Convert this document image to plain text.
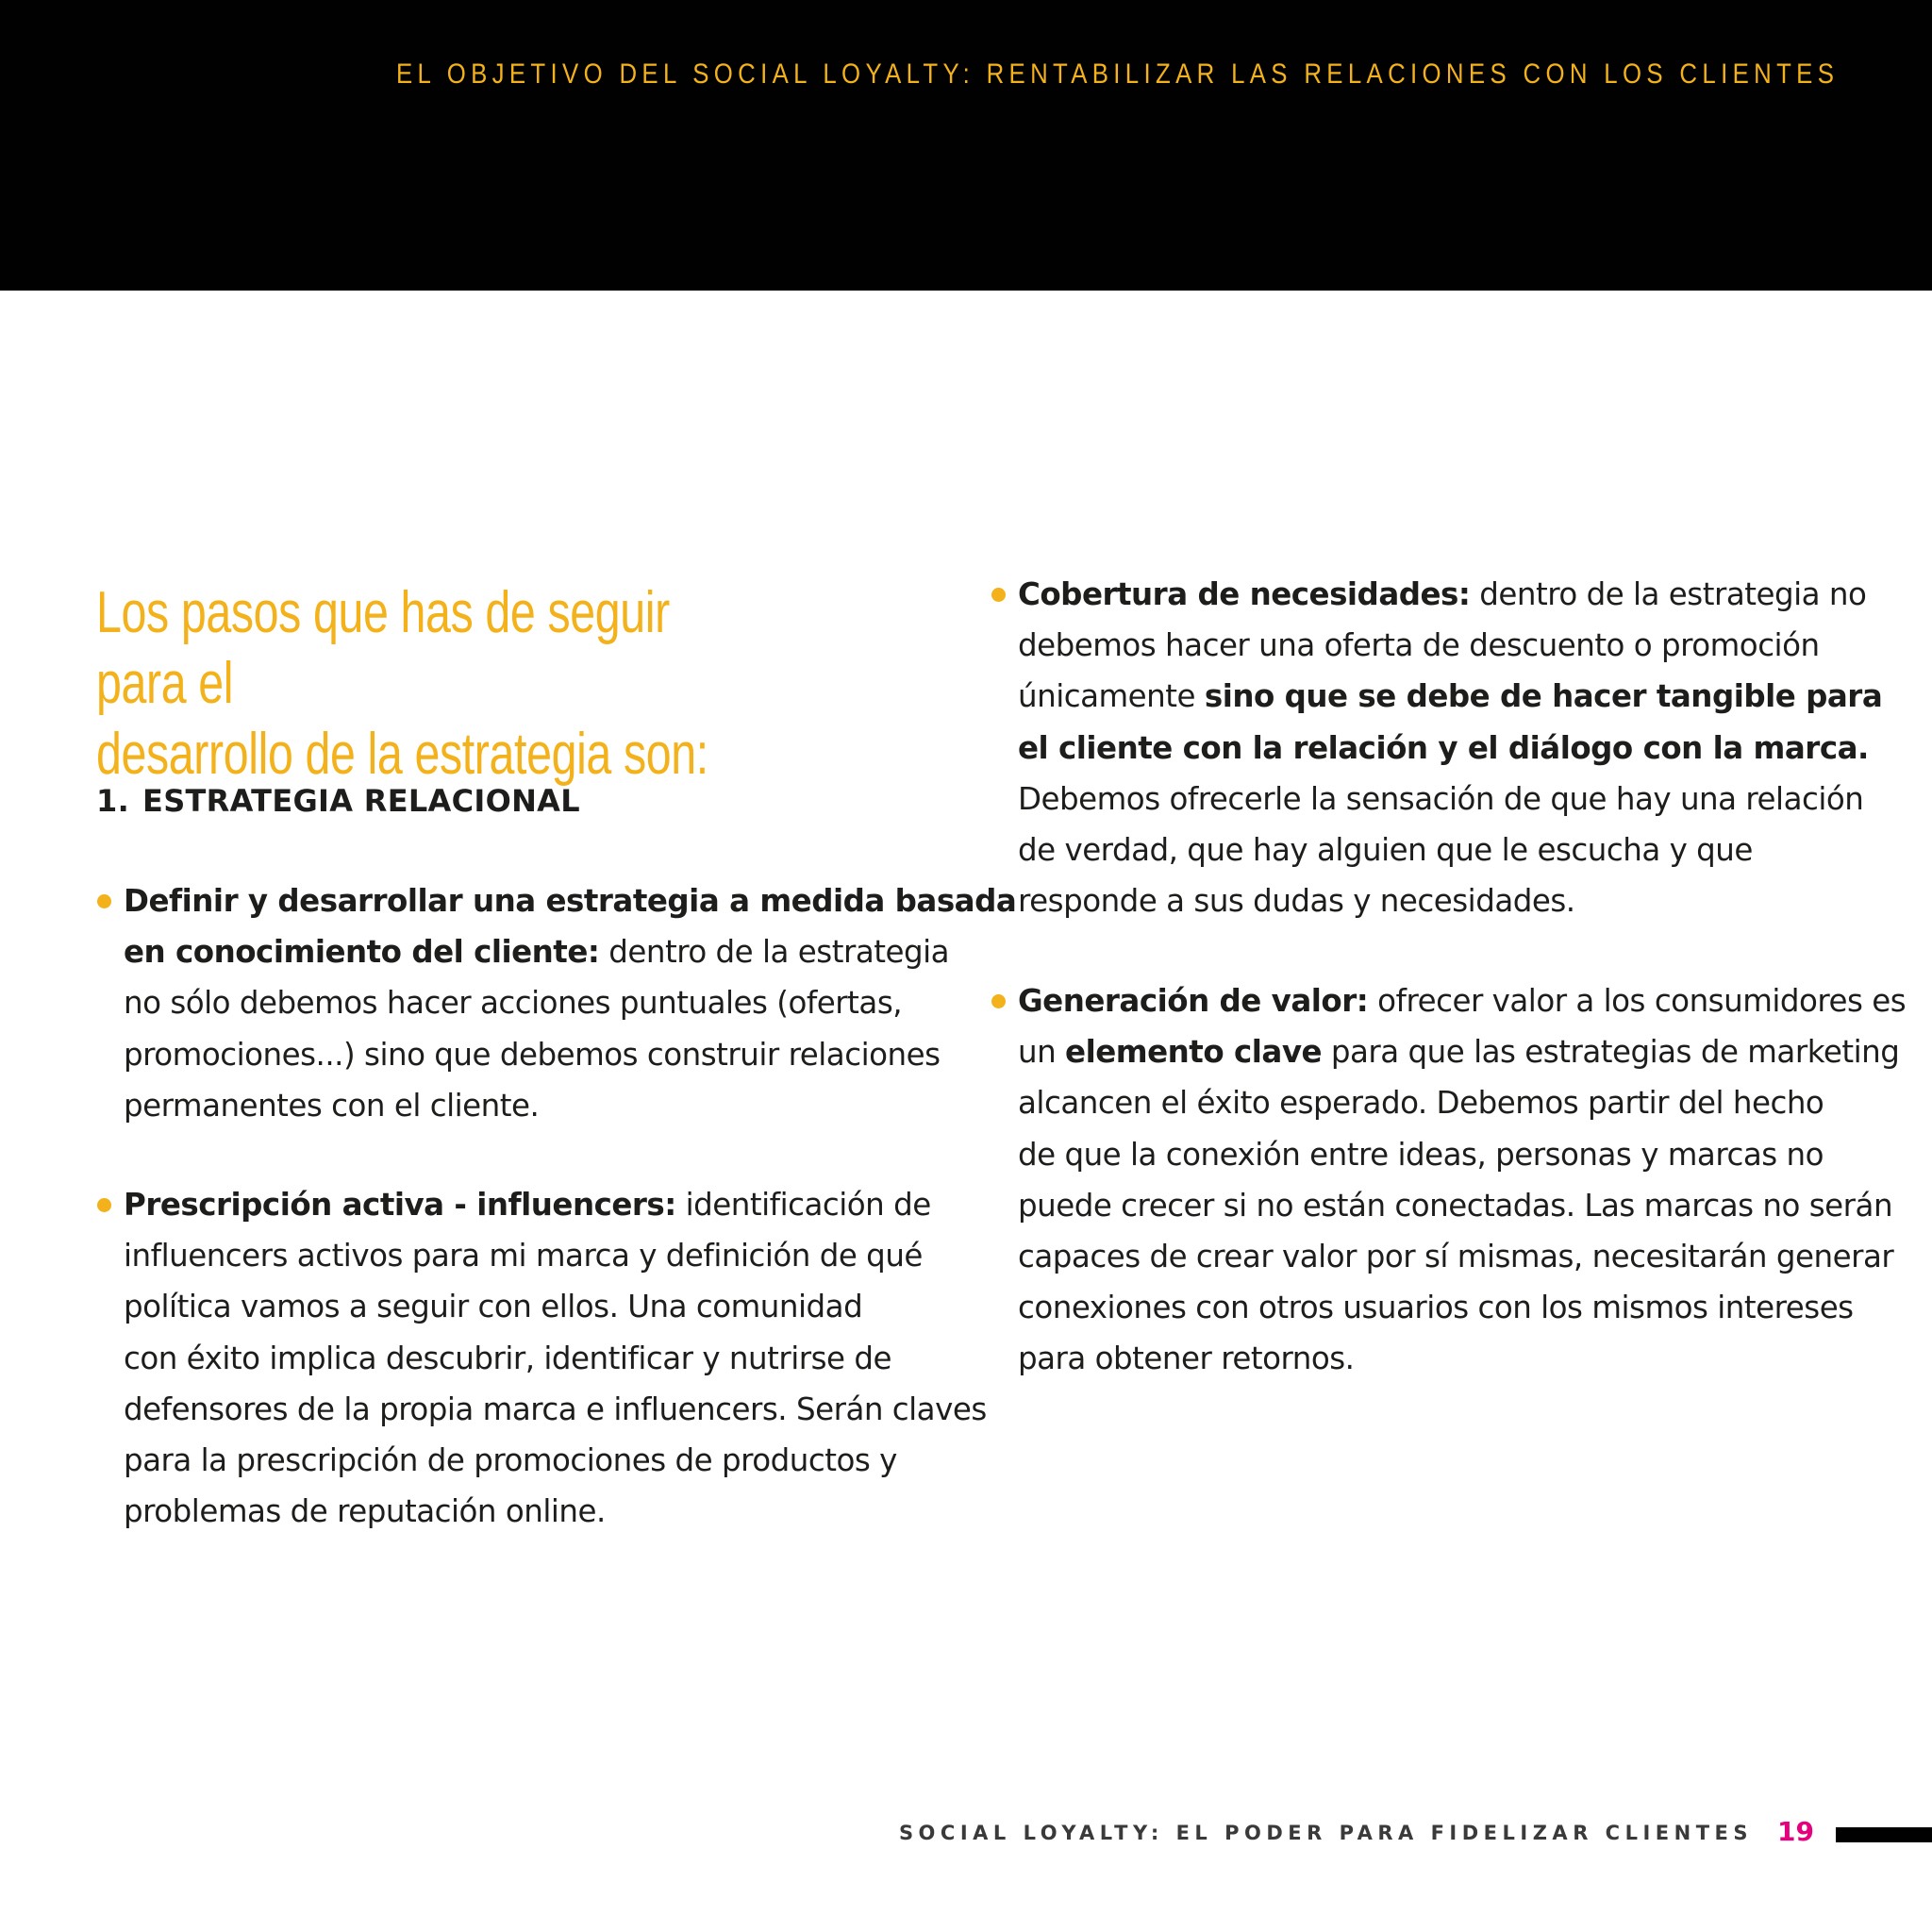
EL OBJETIVO DEL SOCIAL LOYALTY: RENTABILIZAR LAS RELACIONES CON LOS CLIENTES
Los pasos que has de seguir para el
desarrollo de la estrategia son:
1. ESTRATEGIA RELACIONAL
Definir y desarrollar una estrategia a medida basada
en conocimiento del cliente: dentro de la estrategia
no sólo debemos hacer acciones puntuales (ofertas,
promociones...) sino que debemos construir relaciones
permanentes con el cliente.
Prescripción activa - influencers: identificación de
influencers activos para mi marca y definición de qué
política vamos a seguir con ellos. Una comunidad
con éxito implica descubrir, identificar y nutrirse de
defensores de la propia marca e influencers. Serán claves
para la prescripción de promociones de productos y
problemas de reputación online.
Cobertura de necesidades: dentro de la estrategia no
debemos hacer una oferta de descuento o promoción
únicamente sino que se debe de hacer tangible para
el cliente con la relación y el diálogo con la marca.
Debemos ofrecerle la sensación de que hay una relación
de verdad, que hay alguien que le escucha y que
responde a sus dudas y necesidades.
Generación de valor: ofrecer valor a los consumidores es
un elemento clave para que las estrategias de marketing
alcancen el éxito esperado. Debemos partir del hecho
de que la conexión entre ideas, personas y marcas no
puede crecer si no están conectadas. Las marcas no serán
capaces de crear valor por sí mismas, necesitarán generar
conexiones con otros usuarios con los mismos intereses
para obtener retornos.
SOCIAL LOYALTY: EL PODER PARA FIDELIZAR CLIENTES 19
